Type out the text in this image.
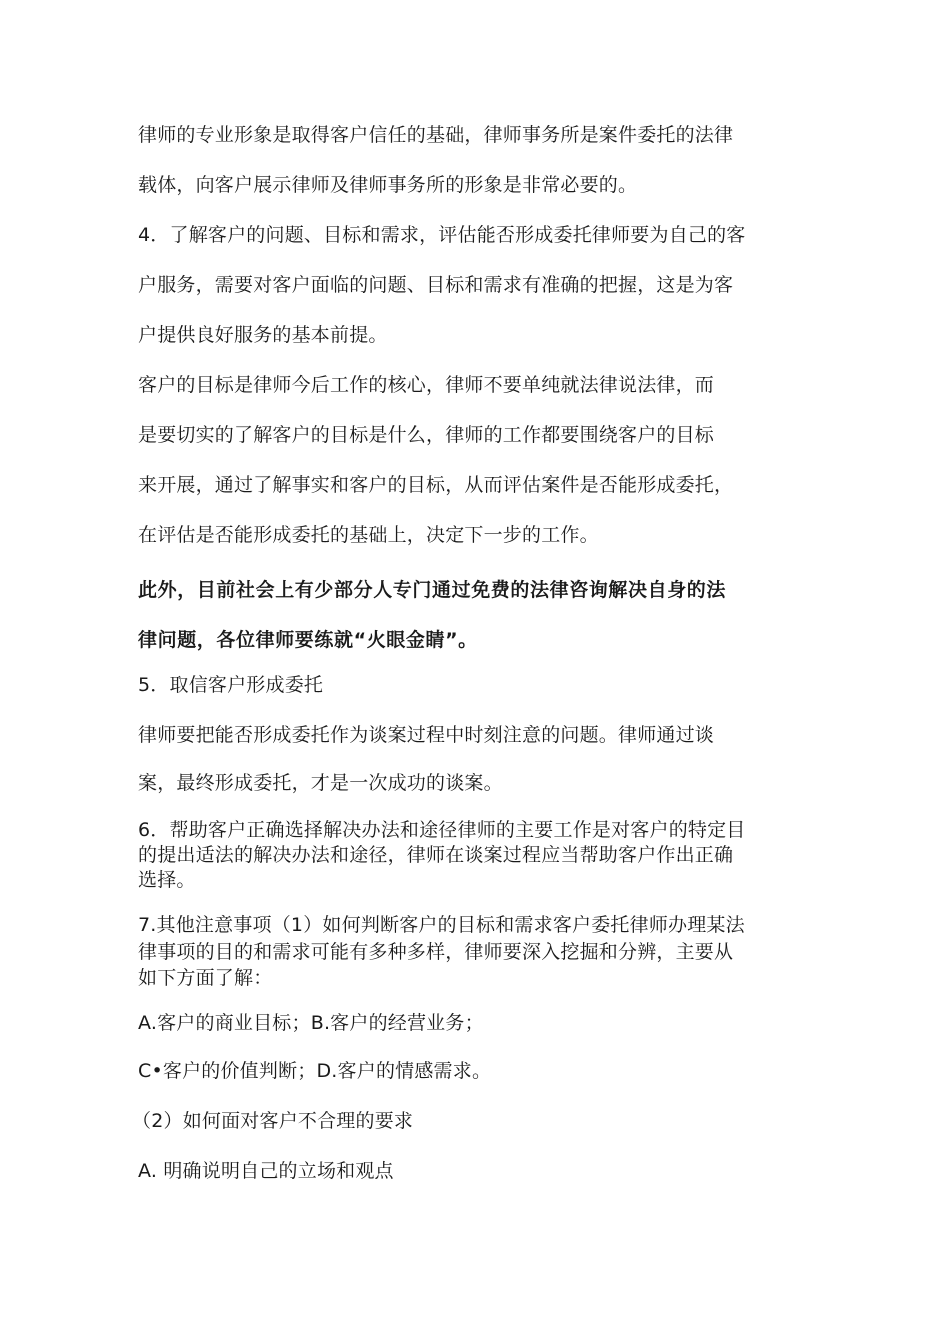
律师的专业形象是取得客户信任的基础，律师事务所是案件委托的法律
载体，向客户展示律师及律师事务所的形象是非常必要的。
4．了解客户的问题、目标和需求，评估能否形成委托律师要为自己的客
户服务，需要对客户面临的问题、目标和需求有准确的把握，这是为客
户提供良好服务的基本前提。
客户的目标是律师今后工作的核心，律师不要单纯就法律说法律，而
是要切实的了解客户的目标是什么，律师的工作都要围绕客户的目标
来开展，通过了解事实和客户的目标，从而评估案件是否能形成委托，
在评估是否能形成委托的基础上，决定下一步的工作。
此外，目前社会上有少部分人专门通过免费的法律咨询解决自身的法
律问题，各位律师要练就“火眼金睛”。
5．取信客户形成委托
律师要把能否形成委托作为谈案过程中时刻注意的问题。律师通过谈
案，最终形成委托，才是一次成功的谈案。
6．帮助客户正确选择解决办法和途径律师的主要工作是对客户的特定目
的提出适法的解决办法和途径，律师在谈案过程应当帮助客户作出正确
选择。
7.其他注意事项（1）如何判断客户的目标和需求客户委托律师办理某法
律事项的目的和需求可能有多种多样，律师要深入挖掘和分辨，主要从
如下方面了解：
A.客户的商业目标；B.客户的经营业务；
C•客户的价值判断；D.客户的情感需求。
（2）如何面对客户不合理的要求
A. 明确说明自己的立场和观点
